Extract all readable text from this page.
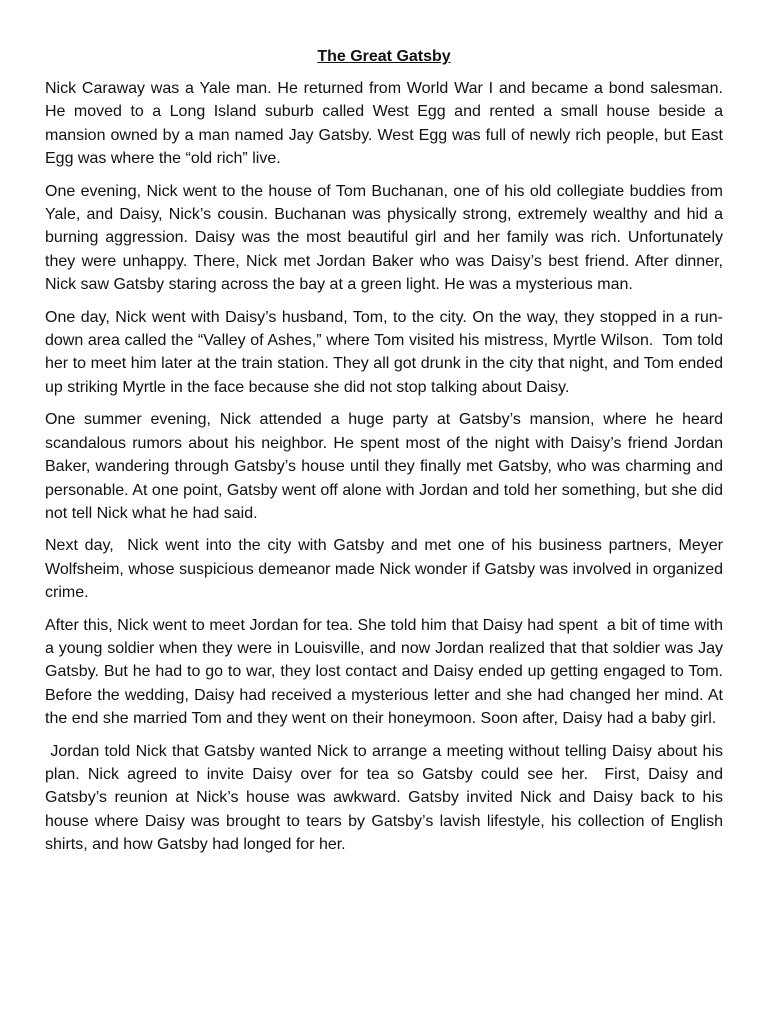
The Great Gatsby

Nick Caraway was a Yale man. He returned from World War I and became a bond salesman. He moved to a Long Island suburb called West Egg and rented a small house beside a mansion owned by a man named Jay Gatsby. West Egg was full of newly rich people, but East Egg was where the “old rich” live.

One evening, Nick went to the house of Tom Buchanan, one of his old collegiate buddies from Yale, and Daisy, Nick’s cousin. Buchanan was physically strong, extremely wealthy and hid a burning aggression. Daisy was the most beautiful girl and her family was rich. Unfortunately they were unhappy. There, Nick met Jordan Baker who was Daisy’s best friend. After dinner, Nick saw Gatsby staring across the bay at a green light. He was a mysterious man.

One day, Nick went with Daisy’s husband, Tom, to the city. On the way, they stopped in a run-down area called the “Valley of Ashes,” where Tom visited his mistress, Myrtle Wilson.  Tom told her to meet him later at the train station. They all got drunk in the city that night, and Tom ended up striking Myrtle in the face because she did not stop talking about Daisy.

One summer evening, Nick attended a huge party at Gatsby’s mansion, where he heard scandalous rumors about his neighbor. He spent most of the night with Daisy’s friend Jordan Baker, wandering through Gatsby’s house until they finally met Gatsby, who was charming and personable. At one point, Gatsby went off alone with Jordan and told her something, but she did not tell Nick what he had said.

Next day,  Nick went into the city with Gatsby and met one of his business partners, Meyer Wolfsheim, whose suspicious demeanor made Nick wonder if Gatsby was involved in organized crime.

After this, Nick went to meet Jordan for tea. She told him that Daisy had spent  a bit of time with a young soldier when they were in Louisville, and now Jordan realized that that soldier was Jay Gatsby. But he had to go to war, they lost contact and Daisy ended up getting engaged to Tom. Before the wedding, Daisy had received a mysterious letter and she had changed her mind. At the end she married Tom and they went on their honeymoon. Soon after, Daisy had a baby girl.

Jordan told Nick that Gatsby wanted Nick to arrange a meeting without telling Daisy about his plan. Nick agreed to invite Daisy over for tea so Gatsby could see her.  First, Daisy and Gatsby’s reunion at Nick’s house was awkward. Gatsby invited Nick and Daisy back to his house where Daisy was brought to tears by Gatsby’s lavish lifestyle, his collection of English shirts, and how Gatsby had longed for her.
